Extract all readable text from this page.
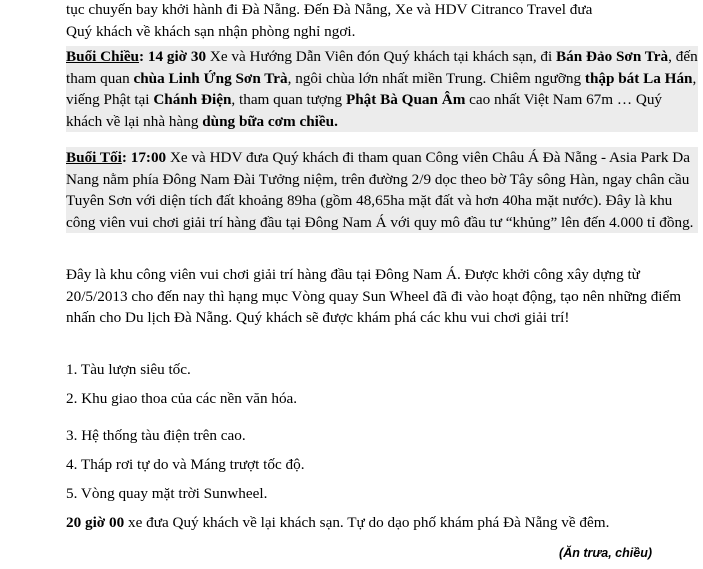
tục chuyến bay khởi hành đi Đà Nẵng. Đến Đà Nẵng, Xe và HDV Citranco Travel đưa
Quý khách về khách sạn nhận phòng nghỉ ngơi.

Buổi Chiều: 14 giờ 30 Xe và Hướng Dẫn Viên đón Quý khách tại khách sạn, đi Bán Đảo Sơn Trà, đến tham quan chùa Linh Ứng Sơn Trà, ngôi chùa lớn nhất miền Trung. Chiêm ngưỡng thập bát La Hán, viếng Phật tại Chánh Điện, tham quan tượng Phật Bà Quan Âm cao nhất Việt Nam 67m … Quý khách về lại nhà hàng dùng bữa cơm chiều.

Buổi Tối: 17:00 Xe và HDV đưa Quý khách đi tham quan Công viên Châu Á Đà Nẵng - Asia Park Da Nang nằm phía Đông Nam Đài Tưởng niệm, trên đường 2/9 dọc theo bờ Tây sông Hàn, ngay chân cầu Tuyên Sơn với diện tích đất khoảng 89ha (gồm 48,65ha mặt đất và hơn 40ha mặt nước). Đây là khu công viên vui chơi giải trí hàng đầu tại Đông Nam Á với quy mô đầu tư “khủng” lên đến 4.000 tỉ đồng.

Đây là khu công viên vui chơi giải trí hàng đầu tại Đông Nam Á. Được khởi công xây dựng từ 20/5/2013 cho đến nay thì hạng mục Vòng quay Sun Wheel đã đi vào hoạt động, tạo nên những điểm nhấn cho Du lịch Đà Nẵng. Quý khách sẽ được khám phá các khu vui chơi giải trí!

1. Tàu lượn siêu tốc.

2. Khu giao thoa của các nền văn hóa.

3. Hệ thống tàu điện trên cao.

4. Tháp rơi tự do và Máng trượt tốc độ.

5. Vòng quay mặt trời Sunwheel.

20 giờ 00 xe đưa Quý khách về lại khách sạn. Tự do dạo phố khám phá Đà Nẵng về đêm.

(Ăn trưa, chiều)
